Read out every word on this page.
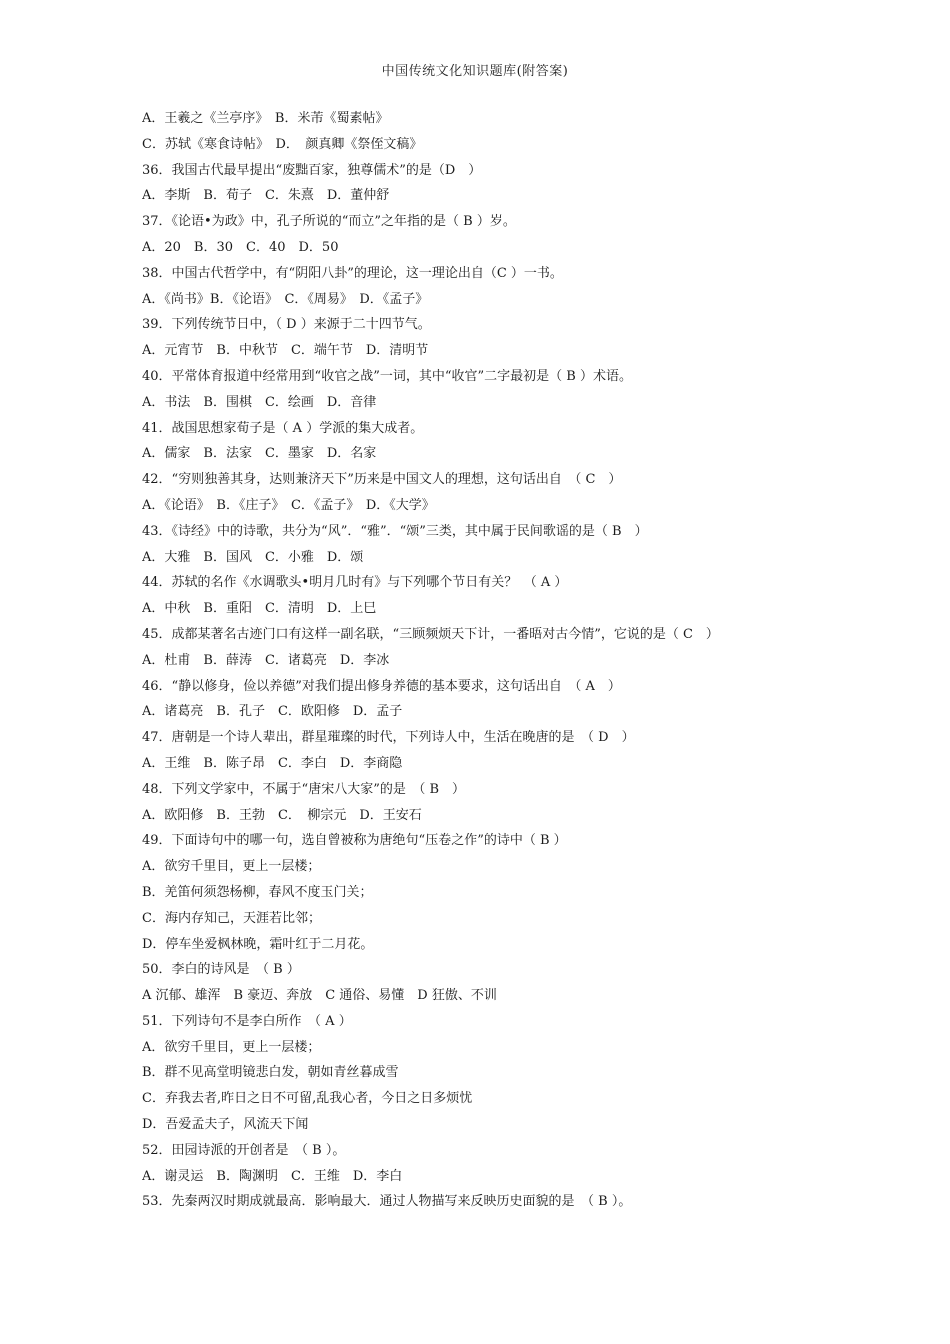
中国传统文化知识题库(附答案)
A．王羲之《兰亭序》　B．米芾《蜀素帖》
C．苏轼《寒食诗帖》　D．　颜真卿《祭侄文稿》
36．我国古代最早提出“废黜百家，独尊儒术”的是（D　）
A．李斯　B．荀子　C．朱熹　D．董仲舒
37．《论语•为政》中，孔子所说的“而立”之年指的是（ B ）岁。
A．20　B．30　C．40　D．50
38．中国古代哲学中，有“阴阳八卦”的理论，这一理论出自（C ）一书。
A．《尚书》B．《论语》　C．《周易》　D．《孟子》
39．下列传统节日中，（ D ）来源于二十四节气。
A．元宵节　B．中秋节　C．端午节　D．清明节
40．平常体育报道中经常用到“收官之战”一词，其中“收官”二字最初是（ B ）术语。
A．书法　B．围棋　C．绘画　D．音律
41．战国思想家荀子是（ A ）学派的集大成者。
A．儒家　B．法家　C．墨家　D．名家
42．“穷则独善其身，达则兼济天下”历来是中国文人的理想，这句话出自　（ C　）
A．《论语》　B．《庄子》　C．《孟子》　D．《大学》
43．《诗经》中的诗歌，共分为“风”．“雅”．“颂”三类，其中属于民间歌谣的是（ B　）
A．大雅　B．国风　C．小雅　D．颂
44．苏轼的名作《水调歌头•明月几时有》与下列哪个节日有关？　（ A ）
A．中秋　B．重阳　C．清明　D．上巳
45．成都某著名古迹门口有这样一副名联，“三顾频烦天下计，一番晤对古今情”，它说的是（ C　）
A．杜甫　B．薛涛　C．诸葛亮　D．李冰
46．“静以修身，俭以养德”对我们提出修身养德的基本要求，这句话出自　（ A　）
A．诸葛亮　B．孔子　C．欧阳修　D．孟子
47．唐朝是一个诗人辈出，群星璀璨的时代，下列诗人中，生活在晚唐的是　（ D　）
A．王维　B．陈子昂　C．李白　D．李商隐
48．下列文学家中，不属于“唐宋八大家”的是　（ B　）
A．欧阳修　B．王勃　C．　柳宗元　D．王安石
49．下面诗句中的哪一句，选自曾被称为唐绝句“压卷之作”的诗中（ B ）
A．欲穷千里目，更上一层楼；
B．羌笛何须怨杨柳，春风不度玉门关；
C．海内存知己，天涯若比邻；
D．停车坐爱枫林晚，霜叶红于二月花。
50．李白的诗风是　（ B ）
A 沉郁、雄浑　B 豪迈、奔放　C 通俗、易懂　D 狂傲、不训
51．下列诗句不是李白所作　（ A ）
A．欲穷千里目，更上一层楼；
B．群不见高堂明镜悲白发，朝如青丝暮成雪
C．弃我去者,昨日之日不可留,乱我心者，今日之日多烦忧
D．吾爱孟夫子，风流天下闻
52．田园诗派的开创者是　（ B ）。
A．谢灵运　B．陶渊明　C．王维　D．李白
53．先秦两汉时期成就最高．影响最大．通过人物描写来反映历史面貌的是　（ B ）。
